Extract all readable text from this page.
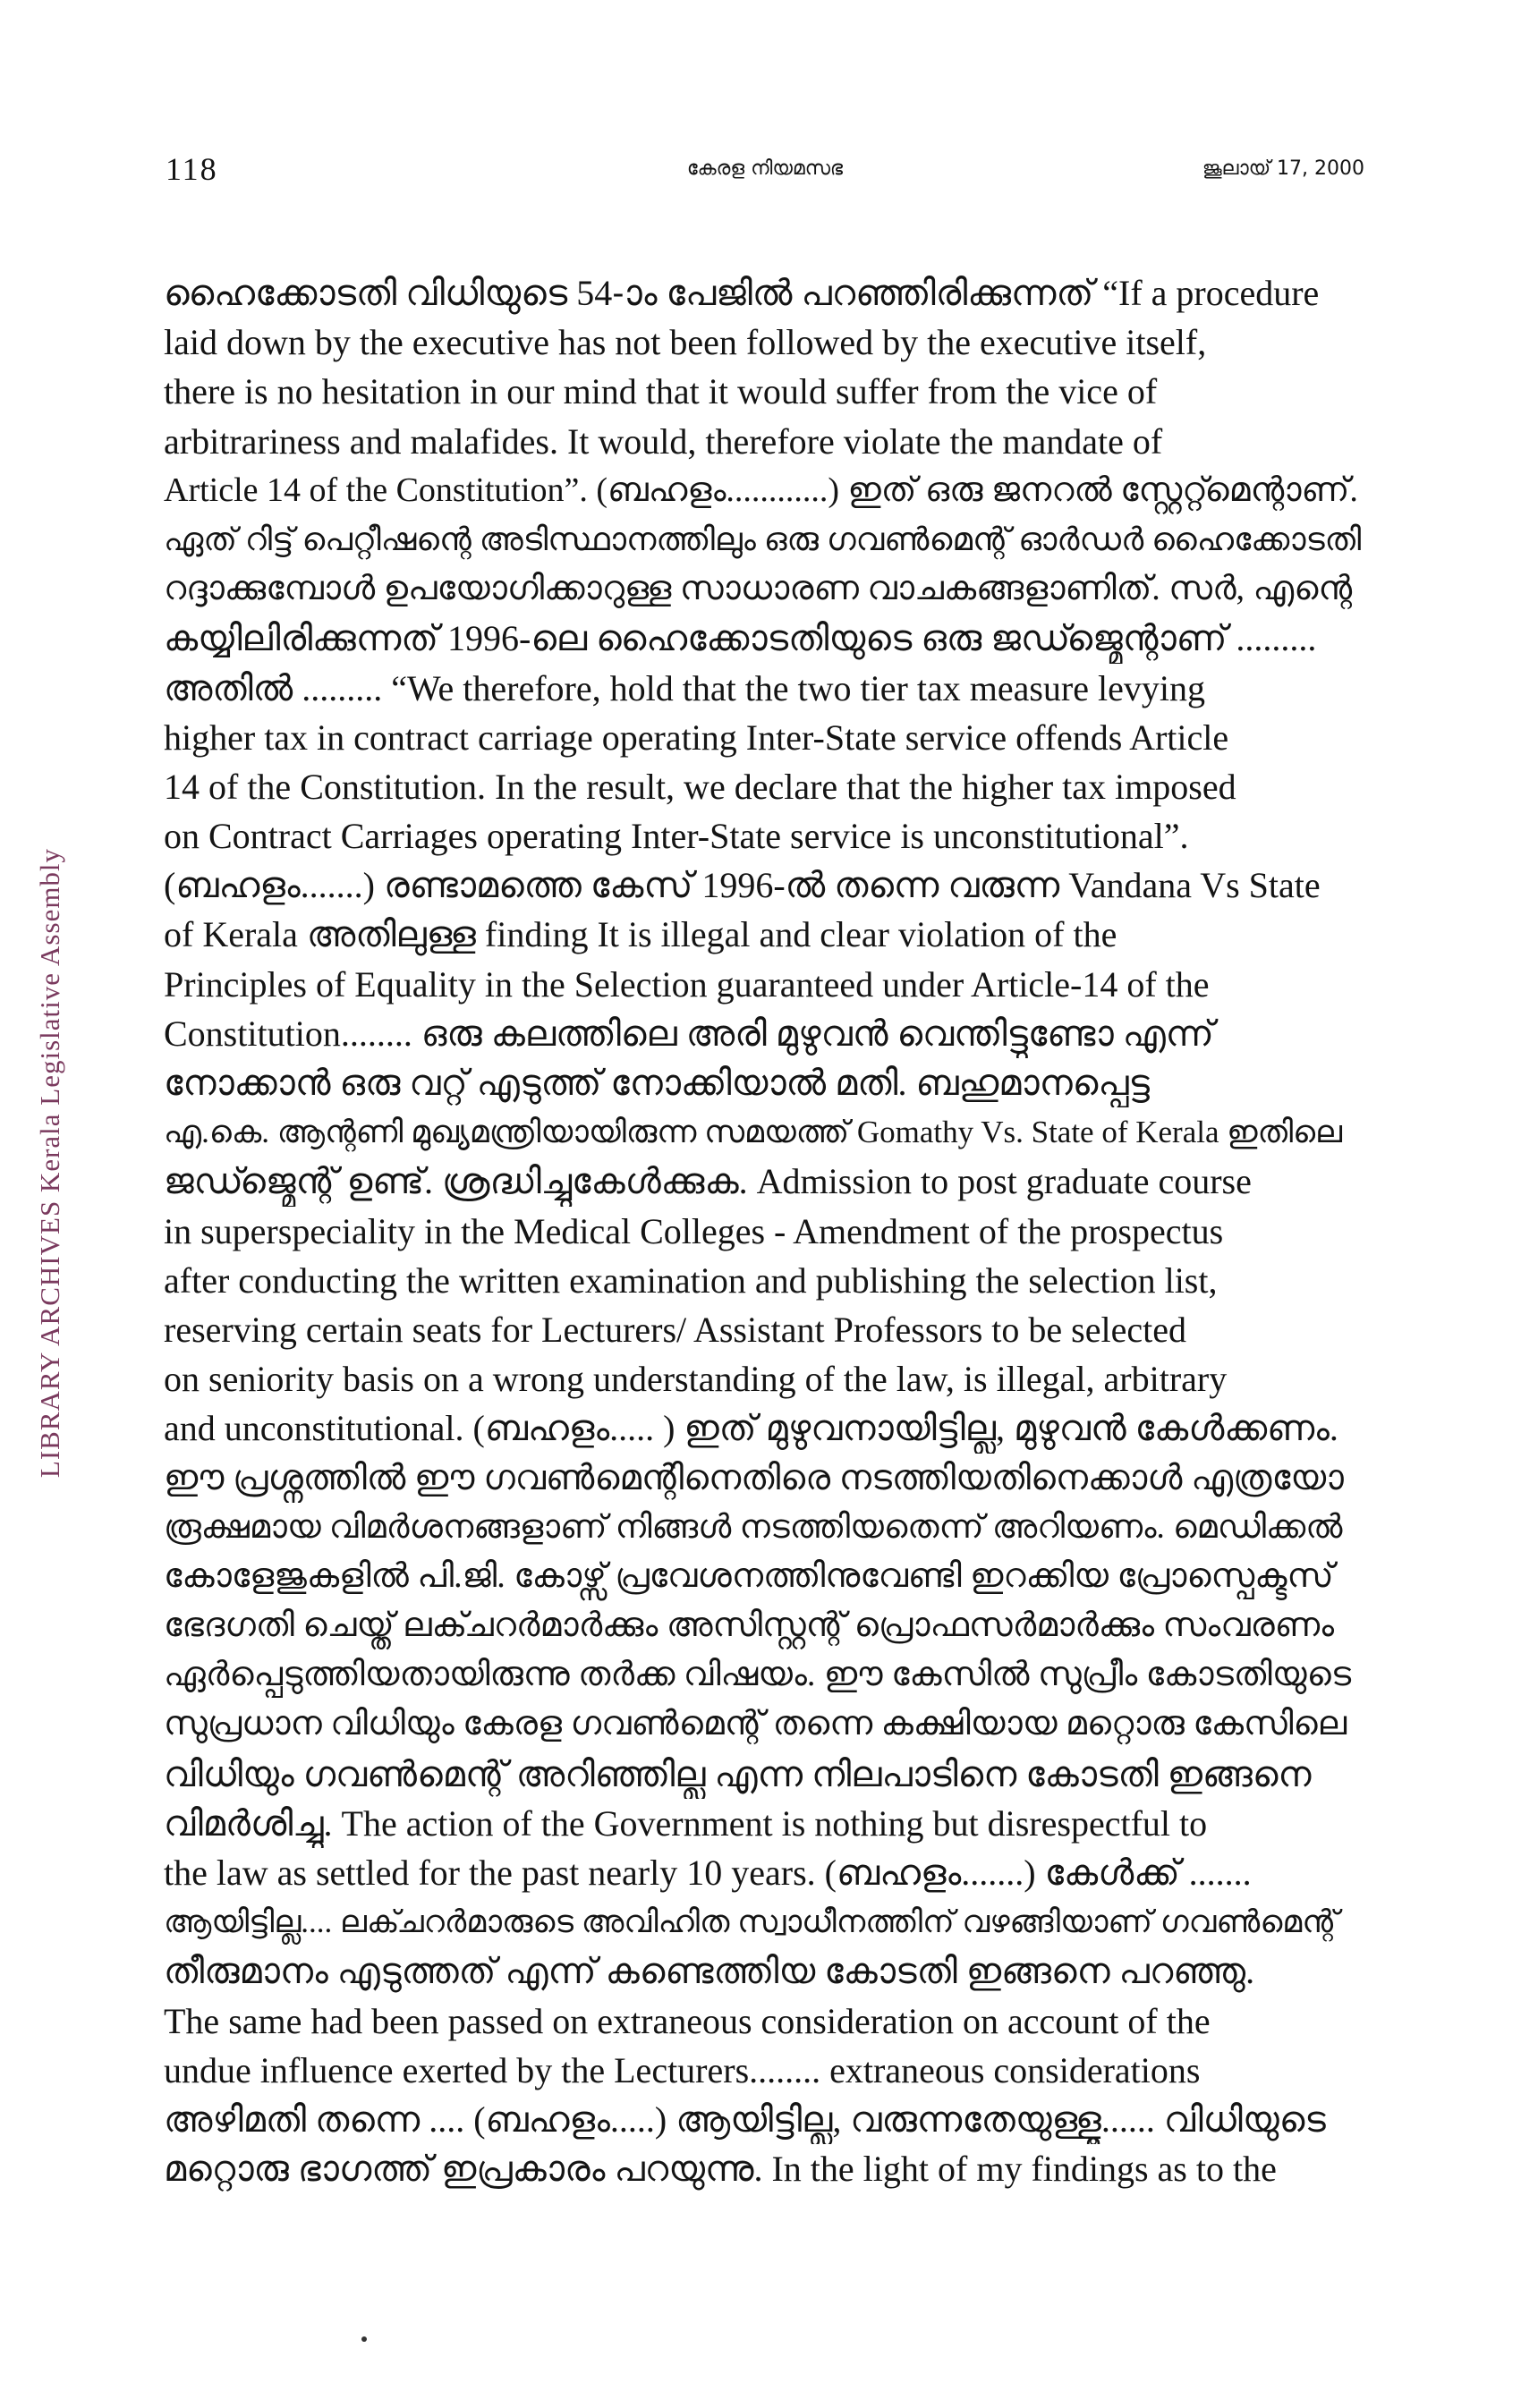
118	കേരള നിയമസഭ	ജൂലായ് 17, 2000
LIBRARY ARCHIVES Kerala Legislative Assembly
ഹൈക്കോടതി വിധിയുടെ 54-ാം പേജിൽ പറഞ്ഞിരിക്കുന്നത് “If a procedure
laid down by the executive has not been followed by the executive itself,
there is no hesitation in our mind that it would suffer from the vice of
arbitrariness and malafides. It would, therefore violate the mandate of
Article 14 of the Constitution”. (ബഹളം............) ഇത് ഒരു ജനറൽ സ്റ്റേറ്റ്മെന്റാണ്.
ഏത് റിട്ട് പെറ്റീഷന്റെ അടിസ്ഥാനത്തിലും ഒരു ഗവൺമെന്റ് ഓർഡർ ഹൈക്കോടതി
റദ്ദാക്കുമ്പോൾ ഉപയോഗിക്കാറുള്ള സാധാരണ വാചകങ്ങളാണിത്. സർ, എന്റെ
കയ്യിലിരിക്കുന്നത് 1996-ലെ ഹൈക്കോടതിയുടെ ഒരു ജഡ്ജ്മെന്റാണ് .........
അതിൽ ......... “We therefore, hold that the two tier tax measure levying
higher tax in contract carriage operating Inter-State service offends Article
14 of the Constitution. In the result, we declare that the higher tax imposed
on Contract Carriages operating Inter-State service is unconstitutional”.
(ബഹളം.......) രണ്ടാമത്തെ കേസ് 1996-ൽ തന്നെ വരുന്ന Vandana Vs State
of Kerala അതിലുള്ള finding It is illegal and clear violation of the
Principles of Equality in the Selection guaranteed under Article-14 of the
Constitution........ ഒരു കലത്തിലെ അരി മുഴുവൻ വെന്തിട്ടുണ്ടോ എന്ന്
നോക്കാൻ ഒരു വറ്റ് എടുത്ത് നോക്കിയാൽ മതി. ബഹുമാനപ്പെട്ട
എ.കെ. ആന്റണി മുഖ്യമന്ത്രിയായിരുന്ന സമയത്ത് Gomathy Vs. State of Kerala ഇതിലെ
ജഡ്ജ്മെന്റ് ഉണ്ട്. ശ്രദ്ധിച്ചുകേൾക്കുക. Admission to post graduate course
in superspeciality in the Medical Colleges - Amendment of the prospectus
after conducting the written examination and publishing the selection list,
reserving certain seats for Lecturers/ Assistant Professors to be selected
on seniority basis on a wrong understanding of the law, is illegal, arbitrary
and unconstitutional. (ബഹളം..... ) ഇത് മുഴുവനായിട്ടില്ല, മുഴുവൻ കേൾക്കണം.
ഈ പ്രശ്നത്തിൽ ഈ ഗവൺമെന്റിനെതിരെ നടത്തിയതിനെക്കാൾ എത്രയോ
രൂക്ഷമായ വിമർശനങ്ങളാണ് നിങ്ങൾ നടത്തിയതെന്ന് അറിയണം. മെഡിക്കൽ
കോളേജുകളിൽ പി.ജി. കോഴ്സ് പ്രവേശനത്തിനുവേണ്ടി ഇറക്കിയ പ്രോസ്പെക്ടസ്
ഭേദഗതി ചെയ്ത് ലക്ചറർമാർക്കും അസിസ്റ്റന്റ് പ്രൊഫസർമാർക്കും സംവരണം
ഏർപ്പെടുത്തിയതായിരുന്നു തർക്ക വിഷയം. ഈ കേസിൽ സുപ്രീം കോടതിയുടെ
സുപ്രധാന വിധിയും കേരള ഗവൺമെന്റ് തന്നെ കക്ഷിയായ മറ്റൊരു കേസിലെ
വിധിയും ഗവൺമെന്റ് അറിഞ്ഞില്ല എന്ന നിലപാടിനെ കോടതി ഇങ്ങനെ
വിമർശിച്ചു. The action of the Government is nothing but disrespectful to
the law as settled for the past nearly 10 years. (ബഹളം.......) കേൾക്ക് .......
ആയിട്ടില്ല.... ലക്ചറർമാരുടെ അവിഹിത സ്വാധീനത്തിന് വഴങ്ങിയാണ് ഗവൺമെന്റ്
തീരുമാനം എടുത്തത് എന്ന് കണ്ടെത്തിയ കോടതി ഇങ്ങനെ പറഞ്ഞു.
The same had been passed on extraneous consideration on account of the
undue influence exerted by the Lecturers........ extraneous considerations
അഴിമതി തന്നെ .... (ബഹളം.....) ആയിട്ടില്ല, വരുന്നതേയുള്ളൂ...... വിധിയുടെ
മറ്റൊരു ഭാഗത്ത് ഇപ്രകാരം പറയുന്നു. In the light of my findings as to the
